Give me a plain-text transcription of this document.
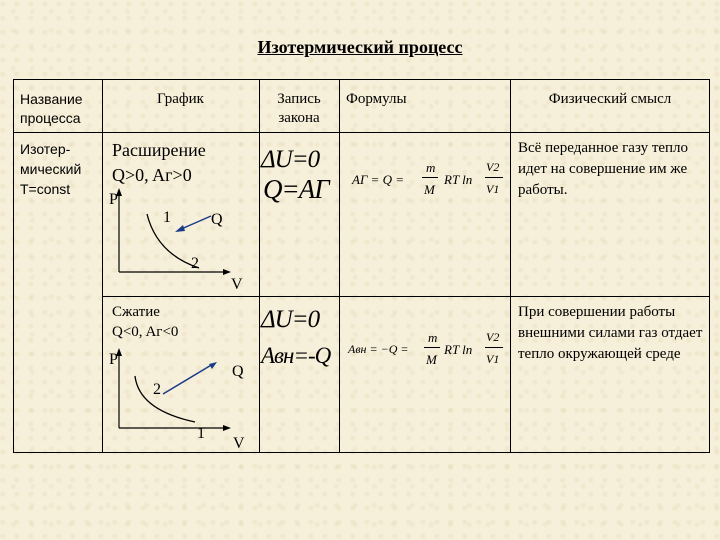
Изотермический процесс
Название процесса
График	Запись закона
Формулы	Физический смысл
Изотер-
мический
T=const
Расширение
Q>0, Aг>0
P
V
1
2
Q
ΔU=0
Q=AГ AГ = Q =
m
M
RT ln
V2
V1
Всё переданное газу тепло идет на совершение им же работы.
Сжатие
Q<0, Aг<0
P
V
1
2
Q
ΔU=0
Aвн=-Q Aвн = −Q =
m
M
RT ln
V2
V1
При совершении работы внешними силами газ отдает тепло окружающей среде
